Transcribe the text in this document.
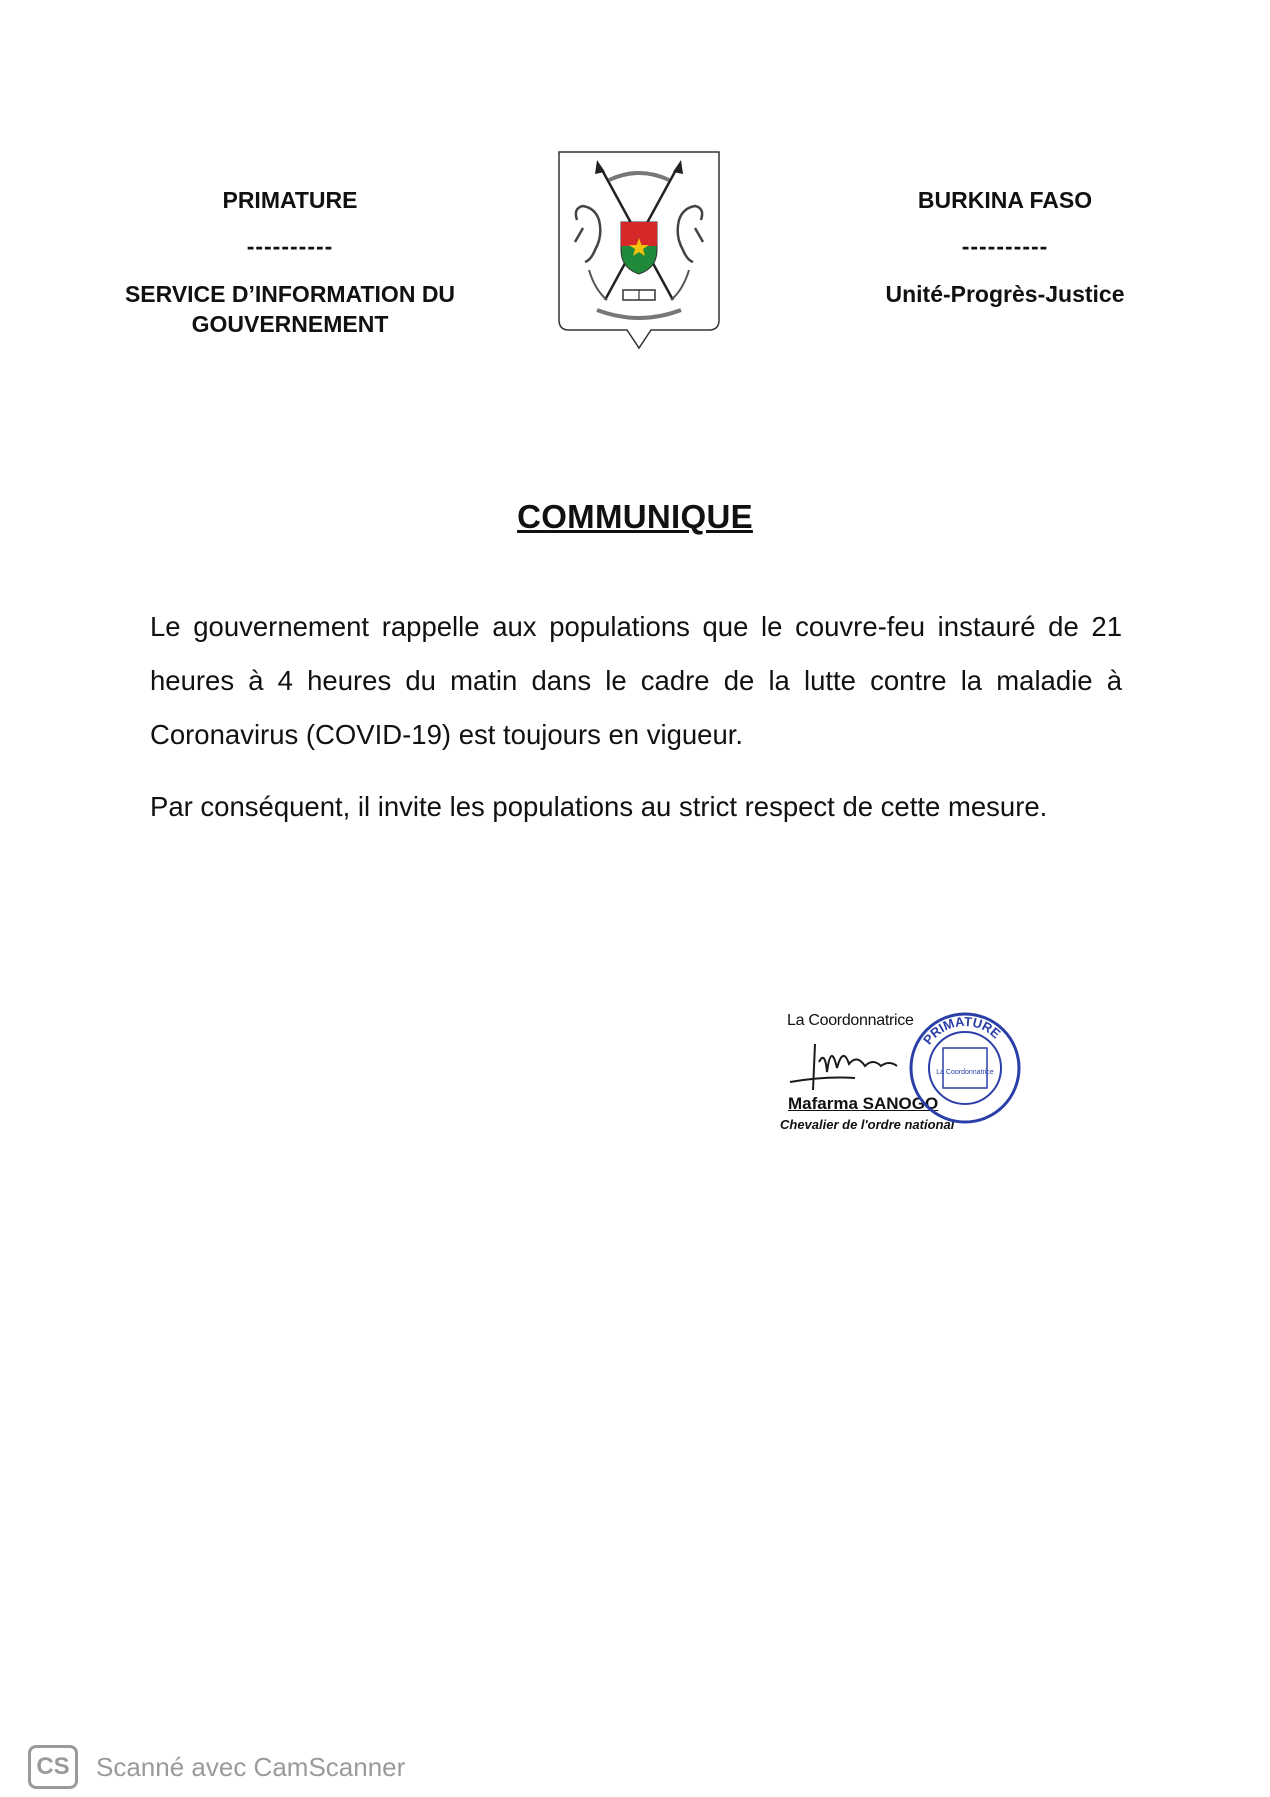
PRIMATURE
----------
SERVICE D’INFORMATION DU
GOUVERNEMENT
BURKINA FASO
----------
Unité-Progrès-Justice
COMMUNIQUE

Le gouvernement rappelle aux populations que le couvre-feu instauré de 21 heures à 4 heures du matin dans le cadre de la lutte contre la maladie à Coronavirus (COVID-19) est toujours en vigueur.

Par conséquent, il invite les populations au strict respect de cette mesure.

La Coordonnatrice
Mafarma SANOGO
Chevalier de l'ordre national
PRIMATURE
La Coordonnatrice
CS	Scanné avec CamScanner
